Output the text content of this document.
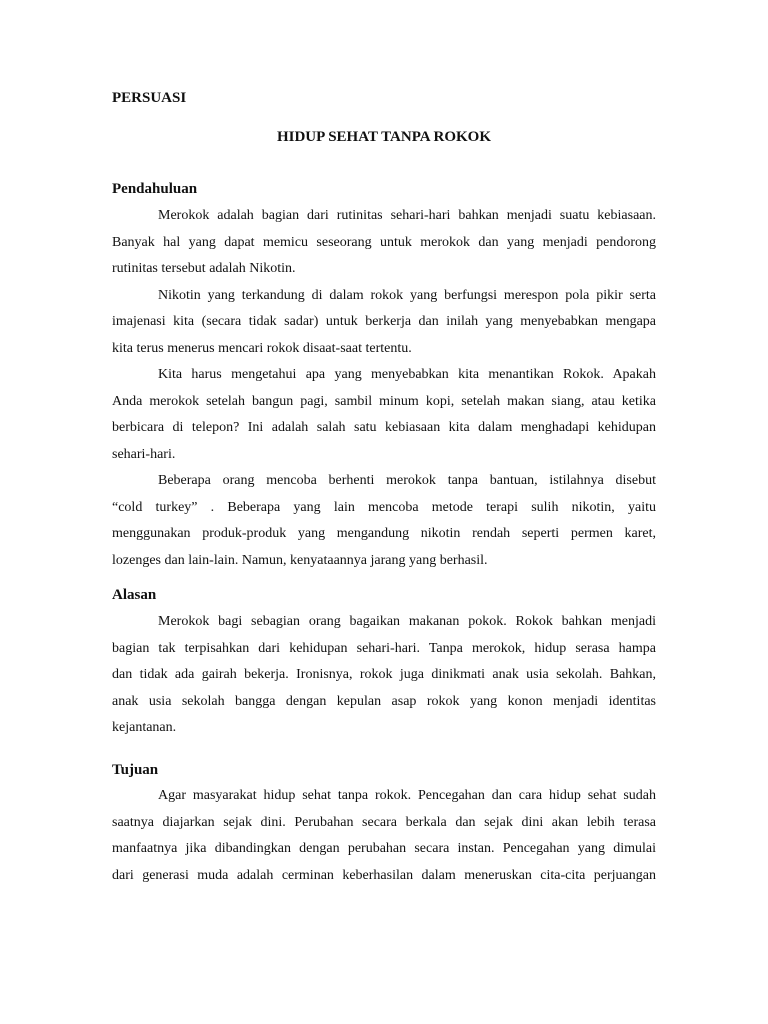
PERSUASI
HIDUP SEHAT TANPA ROKOK
Pendahuluan
Merokok adalah bagian dari rutinitas sehari-hari bahkan menjadi suatu kebiasaan.
Banyak hal yang dapat memicu seseorang untuk merokok dan yang menjadi pendorong
rutinitas tersebut adalah Nikotin.
Nikotin yang terkandung di dalam rokok yang berfungsi merespon pola pikir serta
imajenasi kita (secara tidak sadar) untuk berkerja dan inilah yang menyebabkan mengapa
kita terus menerus mencari rokok disaat-saat tertentu.
Kita harus mengetahui apa yang menyebabkan kita menantikan Rokok. Apakah
Anda merokok setelah bangun pagi, sambil minum kopi, setelah makan siang, atau ketika
berbicara di telepon? Ini adalah salah satu kebiasaan kita dalam menghadapi kehidupan
sehari-hari.
Beberapa orang mencoba berhenti merokok tanpa bantuan, istilahnya disebut
“cold turkey” . Beberapa yang lain mencoba metode terapi sulih nikotin, yaitu
menggunakan produk-produk yang mengandung nikotin rendah seperti permen karet,
lozenges dan lain-lain. Namun, kenyataannya jarang yang berhasil.
Alasan
Merokok bagi sebagian orang bagaikan makanan pokok. Rokok bahkan menjadi
bagian tak terpisahkan dari kehidupan sehari-hari. Tanpa merokok, hidup serasa hampa
dan tidak ada gairah bekerja. Ironisnya, rokok juga dinikmati anak usia sekolah. Bahkan,
anak usia sekolah bangga dengan kepulan asap rokok yang konon menjadi identitas
kejantanan.
Tujuan
Agar masyarakat hidup sehat tanpa rokok. Pencegahan dan cara hidup sehat sudah
saatnya diajarkan sejak dini. Perubahan secara berkala dan sejak dini akan lebih terasa
manfaatnya jika dibandingkan dengan perubahan secara instan. Pencegahan yang dimulai
dari generasi muda adalah cerminan keberhasilan dalam meneruskan cita-cita perjuangan
